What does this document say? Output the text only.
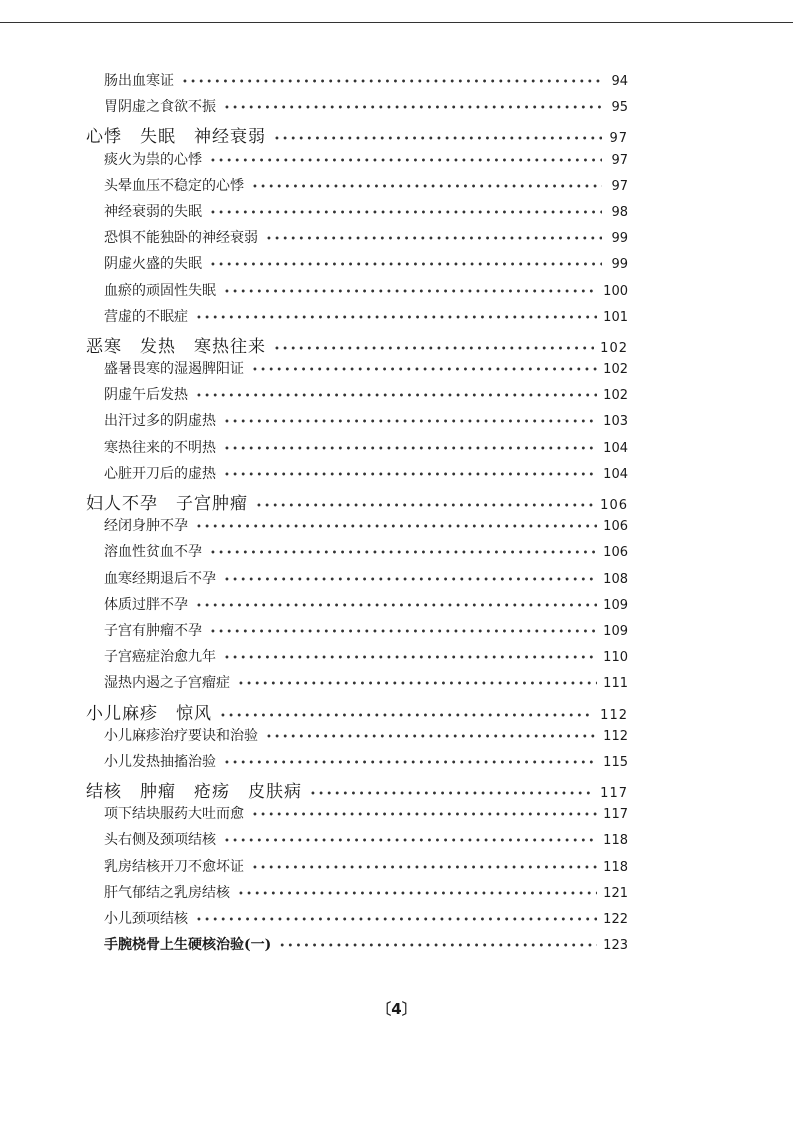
肠出血寒证 •••••	94
胃阴虚之食欲不振 •••••	95
心悸　失眠　神经衰弱 •••••	97
痰火为祟的心悸 •••••	97
头晕血压不稳定的心悸 •••••	97
神经衰弱的失眠 •••••	98
恐惧不能独卧的神经衰弱 •••••	99
阴虚火盛的失眠 •••••	99
血瘀的顽固性失眠 •••••	100
营虚的不眠症 •••••	101
恶寒　发热　寒热往来 •••••	102
盛暑畏寒的湿遏脾阳证 •••••	102
阴虚午后发热 •••••	102
出汗过多的阴虚热 •••••	103
寒热往来的不明热 •••••	104
心脏开刀后的虚热 •••••	104
妇人不孕　子宫肿瘤 •••••	106
经闭身肿不孕 •••••	106
溶血性贫血不孕 •••••	106
血寒经期退后不孕 •••••	108
体质过胖不孕 •••••	109
子宫有肿瘤不孕 •••••	109
子宫癌症治愈九年 •••••	110
湿热内遏之子宫瘤症 •••••	111
小儿麻疹　惊风 •••••	112
小儿麻疹治疗要诀和治验 •••••	112
小儿发热抽搐治验 •••••	115
结核　肿瘤　疮疡　皮肤病 •••••	117
项下结块服药大吐而愈 •••••	117
头右侧及颈项结核 •••••	118
乳房结核开刀不愈坏证 •••••	118
肝气郁结之乳房结核 •••••	121
小儿颈项结核 •••••	122
手腕桡骨上生硬核治验(一) •••••	123
〔4〕
